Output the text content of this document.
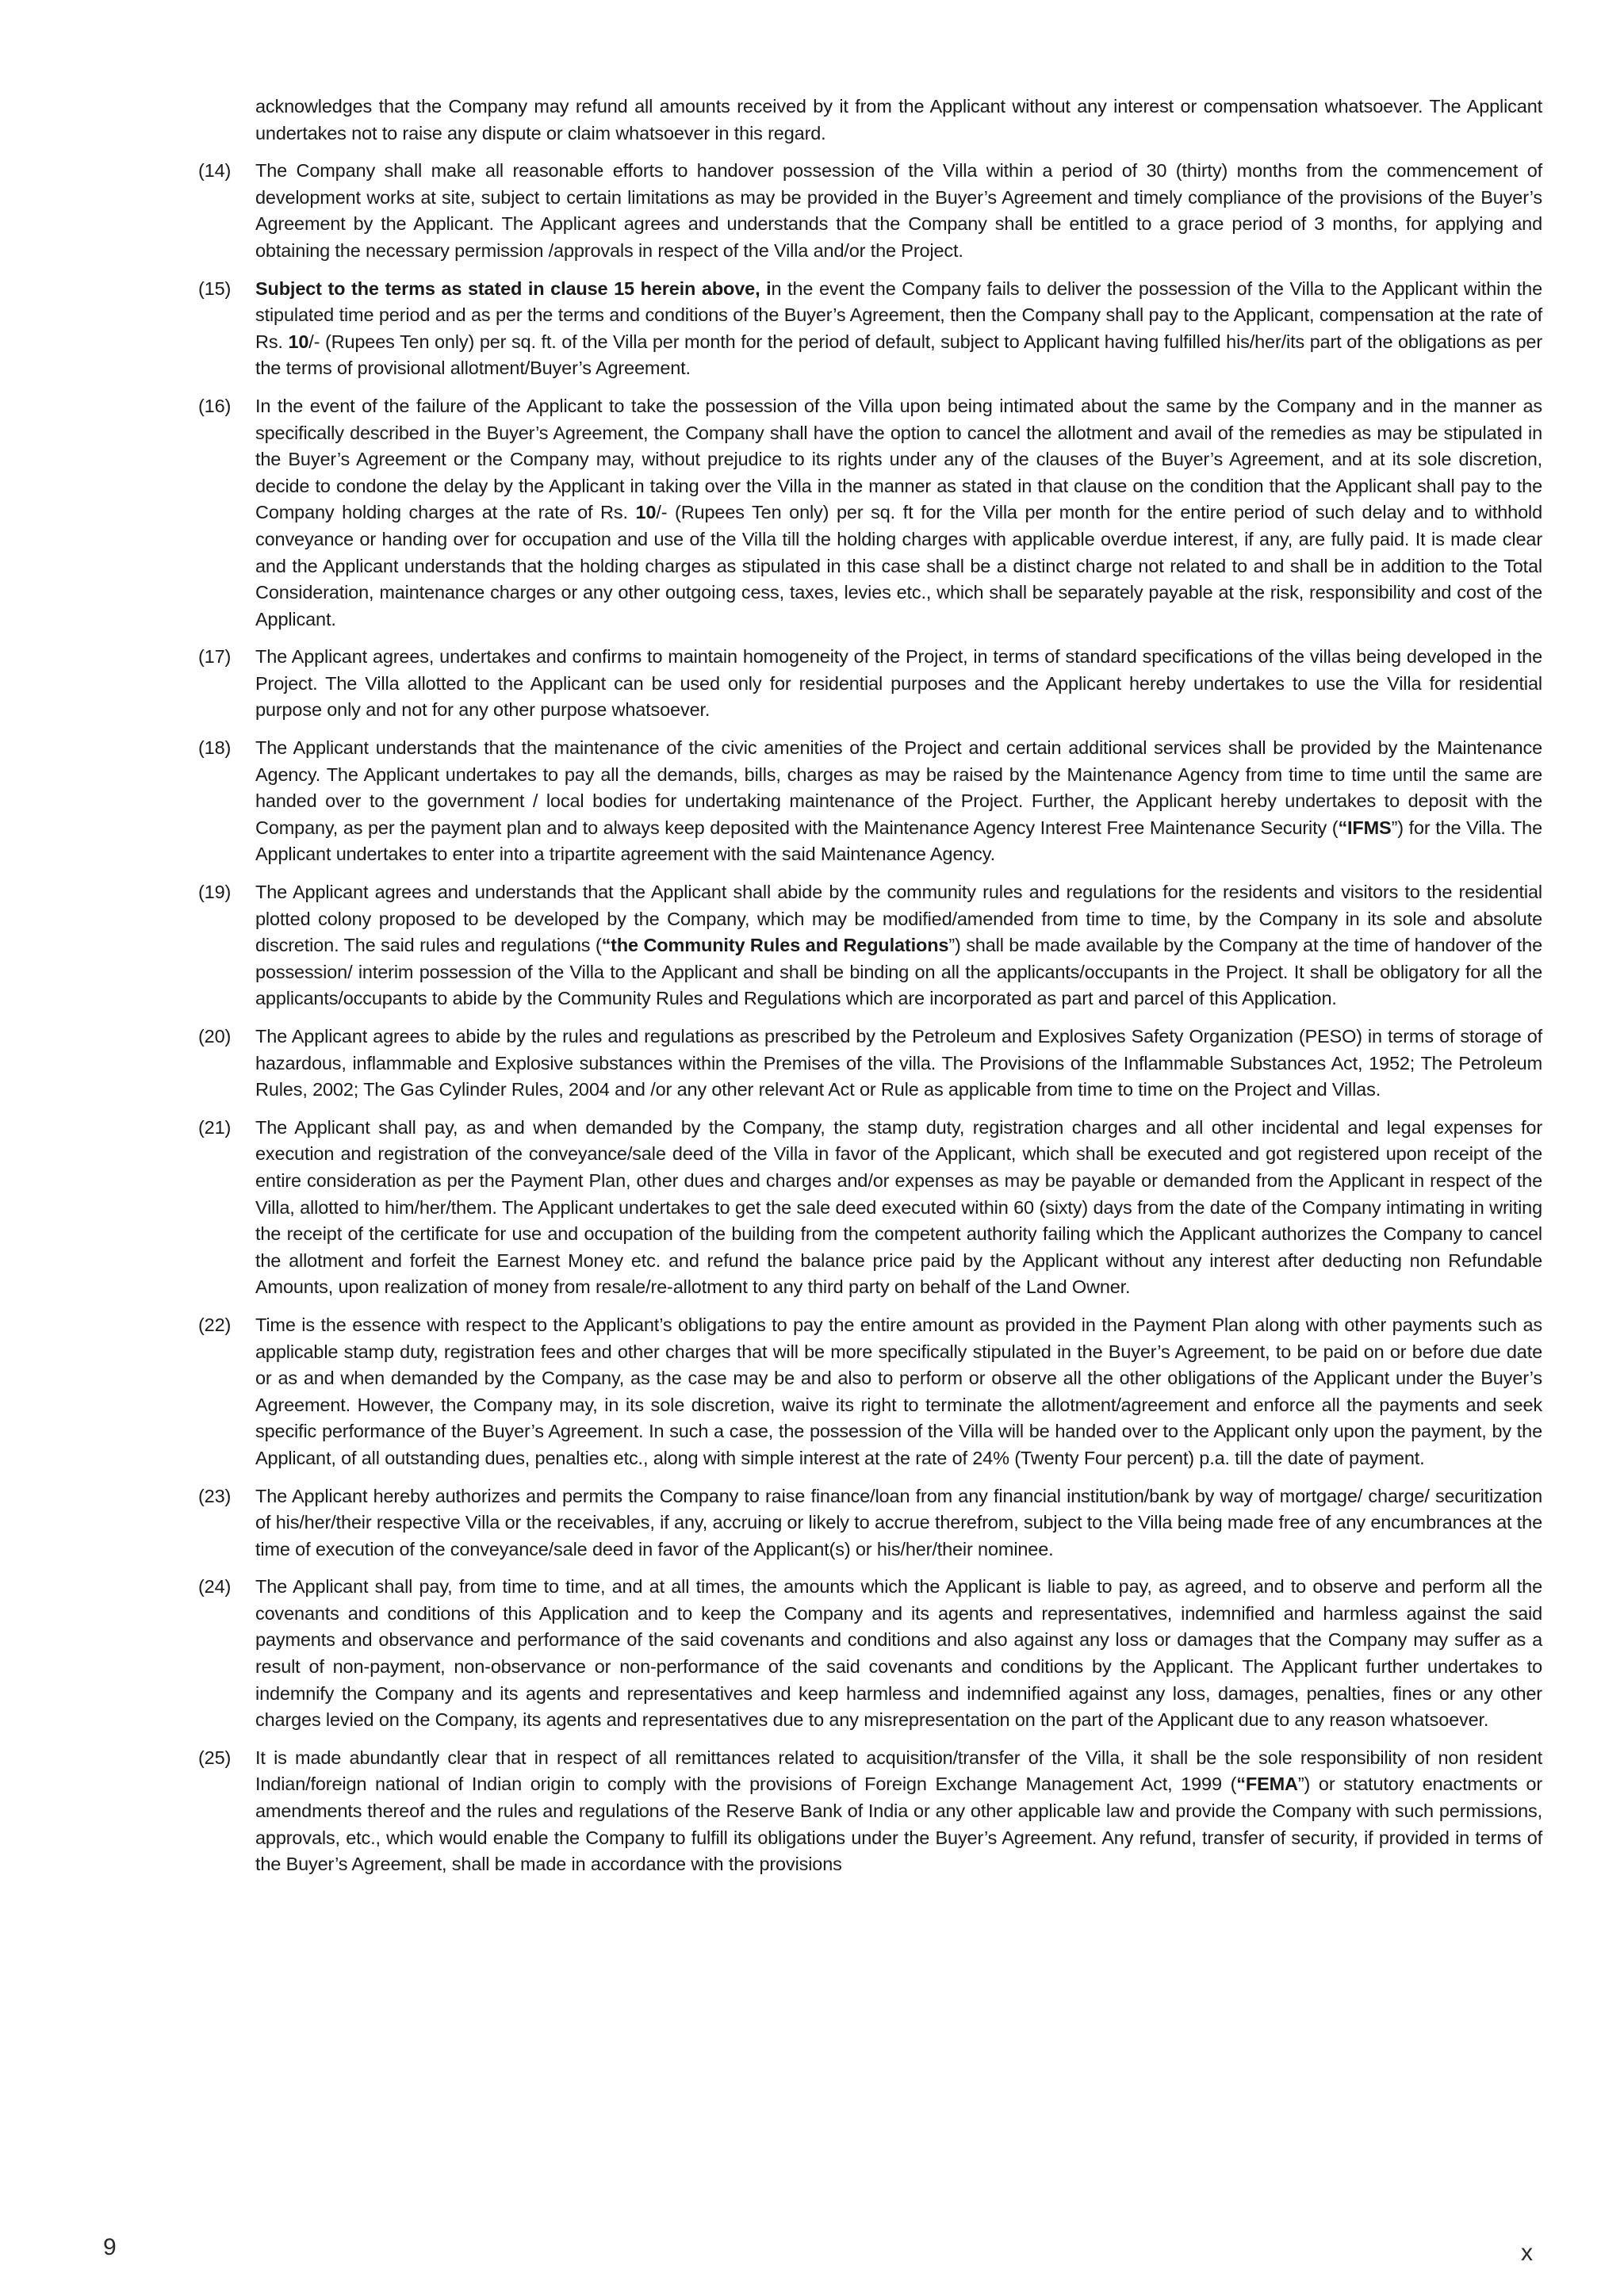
acknowledges that the Company may refund all amounts received by it from the Applicant without any interest or compensation whatsoever. The Applicant undertakes not to raise any dispute or claim whatsoever in this regard.

(14)	The Company shall make all reasonable efforts to handover possession of the Villa within a period of 30 (thirty) months from the commencement of development works at site, subject to certain limitations as may be provided in the Buyer’s Agreement and timely compliance of the provisions of the Buyer’s Agreement by the Applicant. The Applicant agrees and understands that the Company shall be entitled to a grace period of 3 months, for applying and obtaining the necessary permission /approvals in respect of the Villa and/or the Project.
(15)	Subject to the terms as stated in clause 15 herein above, in the event the Company fails to deliver the possession of the Villa to the Applicant within the stipulated time period and as per the terms and conditions of the Buyer’s Agreement, then the Company shall pay to the Applicant, compensation at the rate of Rs. 10/- (Rupees Ten only) per sq. ft. of the Villa per month for the period of default, subject to Applicant having fulfilled his/her/its part of the obligations as per the terms of provisional allotment/Buyer’s Agreement.
(16)	In the event of the failure of the Applicant to take the possession of the Villa upon being intimated about the same by the Company and in the manner as specifically described in the Buyer’s Agreement, the Company shall have the option to cancel the allotment and avail of the remedies as may be stipulated in the Buyer’s Agreement or the Company may, without prejudice to its rights under any of the clauses of the Buyer’s Agreement, and at its sole discretion, decide to condone the delay by the Applicant in taking over the Villa in the manner as stated in that clause on the condition that the Applicant shall pay to the Company holding charges at the rate of Rs. 10/- (Rupees Ten only) per sq. ft for the Villa per month for the entire period of such delay and to withhold conveyance or handing over for occupation and use of the Villa till the holding charges with applicable overdue interest, if any, are fully paid. It is made clear and the Applicant understands that the holding charges as stipulated in this case shall be a distinct charge not related to and shall be in addition to the Total Consideration, maintenance charges or any other outgoing cess, taxes, levies etc., which shall be separately payable at the risk, responsibility and cost of the Applicant.
(17)	The Applicant agrees, undertakes and confirms to maintain homogeneity of the Project, in terms of standard specifications of the villas being developed in the Project. The Villa allotted to the Applicant can be used only for residential purposes and the Applicant hereby undertakes to use the Villa for residential purpose only and not for any other purpose whatsoever.
(18)	The Applicant understands that the maintenance of the civic amenities of the Project and certain additional services shall be provided by the Maintenance Agency. The Applicant undertakes to pay all the demands, bills, charges as may be raised by the Maintenance Agency from time to time until the same are handed over to the government / local bodies for undertaking maintenance of the Project. Further, the Applicant hereby undertakes to deposit with the Company, as per the payment plan and to always keep deposited with the Maintenance Agency Interest Free Maintenance Security (“IFMS”) for the Villa. The Applicant undertakes to enter into a tripartite agreement with the said Maintenance Agency.
(19)	The Applicant agrees and understands that the Applicant shall abide by the community rules and regulations for the residents and visitors to the residential plotted colony proposed to be developed by the Company, which may be modified/amended from time to time, by the Company in its sole and absolute discretion. The said rules and regulations (“the Community Rules and Regulations”) shall be made available by the Company at the time of handover of the possession/ interim possession of the Villa to the Applicant and shall be binding on all the applicants/occupants in the Project. It shall be obligatory for all the applicants/occupants to abide by the Community Rules and Regulations which are incorporated as part and parcel of this Application.
(20)	The Applicant agrees to abide by the rules and regulations as prescribed by the Petroleum and Explosives Safety Organization (PESO) in terms of storage of hazardous, inflammable and Explosive substances within the Premises of the villa. The Provisions of the Inflammable Substances Act, 1952; The Petroleum Rules, 2002; The Gas Cylinder Rules, 2004 and /or any other relevant Act or Rule as applicable from time to time on the Project and Villas.
(21)	The Applicant shall pay, as and when demanded by the Company, the stamp duty, registration charges and all other incidental and legal expenses for execution and registration of the conveyance/sale deed of the Villa in favor of the Applicant, which shall be executed and got registered upon receipt of the entire consideration as per the Payment Plan, other dues and charges and/or expenses as may be payable or demanded from the Applicant in respect of the Villa, allotted to him/her/them. The Applicant undertakes to get the sale deed executed within 60 (sixty) days from the date of the Company intimating in writing the receipt of the certificate for use and occupation of the building from the competent authority failing which the Applicant authorizes the Company to cancel the allotment and forfeit the Earnest Money etc. and refund the balance price paid by the Applicant without any interest after deducting non Refundable Amounts, upon realization of money from resale/re-allotment to any third party on behalf of the Land Owner.
(22)	Time is the essence with respect to the Applicant’s obligations to pay the entire amount as provided in the Payment Plan along with other payments such as applicable stamp duty, registration fees and other charges that will be more specifically stipulated in the Buyer’s Agreement, to be paid on or before due date or as and when demanded by the Company, as the case may be and also to perform or observe all the other obligations of the Applicant under the Buyer’s Agreement. However, the Company may, in its sole discretion, waive its right to terminate the allotment/agreement and enforce all the payments and seek specific performance of the Buyer’s Agreement. In such a case, the possession of the Villa will be handed over to the Applicant only upon the payment, by the Applicant, of all outstanding dues, penalties etc., along with simple interest at the rate of 24% (Twenty Four percent) p.a. till the date of payment.
(23)	The Applicant hereby authorizes and permits the Company to raise finance/loan from any financial institution/bank by way of mortgage/ charge/ securitization of his/her/their respective Villa or the receivables, if any, accruing or likely to accrue therefrom, subject to the Villa being made free of any encumbrances at the time of execution of the conveyance/sale deed in favor of the Applicant(s) or his/her/their nominee.
(24)	The Applicant shall pay, from time to time, and at all times, the amounts which the Applicant is liable to pay, as agreed, and to observe and perform all the covenants and conditions of this Application and to keep the Company and its agents and representatives, indemnified and harmless against the said payments and observance and performance of the said covenants and conditions and also against any loss or damages that the Company may suffer as a result of non-payment, non-observance or non-performance of the said covenants and conditions by the Applicant. The Applicant further undertakes to indemnify the Company and its agents and representatives and keep harmless and indemnified against any loss, damages, penalties, fines or any other charges levied on the Company, its agents and representatives due to any misrepresentation on the part of the Applicant due to any reason whatsoever.
(25)	It is made abundantly clear that in respect of all remittances related to acquisition/transfer of the Villa, it shall be the sole responsibility of non resident Indian/foreign national of Indian origin to comply with the provisions of Foreign Exchange Management Act, 1999 (“FEMA”) or statutory enactments or amendments thereof and the rules and regulations of the Reserve Bank of India or any other applicable law and provide the Company with such permissions, approvals, etc., which would enable the Company to fulfill its obligations under the Buyer’s Agreement. Any refund, transfer of security, if provided in terms of the Buyer’s Agreement, shall be made in accordance with the provisions
9	x
